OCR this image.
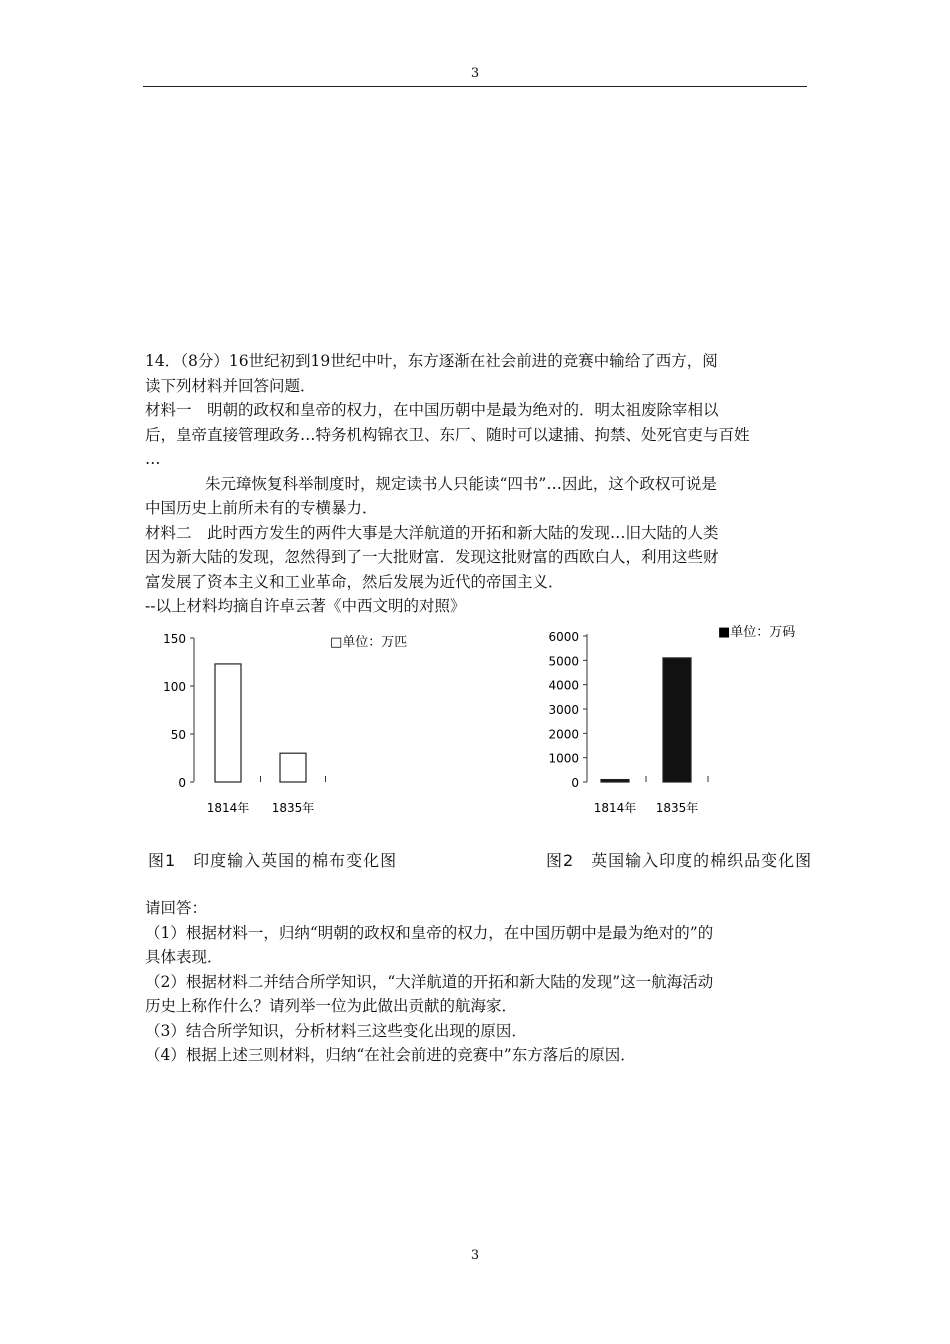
3

14．（8分）16世纪初到19世纪中叶，东方逐渐在社会前进的竞赛中输给了西方，阅

读下列材料并回答问题．

材料一　明朝的政权和皇帝的权力，在中国历朝中是最为绝对的．明太祖废除宰相以

后，皇帝直接管理政务…特务机构锦衣卫、东厂、随时可以逮捕、拘禁、处死官吏与百姓

…

朱元璋恢复科举制度时，规定读书人只能读“四书”…因此，这个政权可说是

中国历史上前所未有的专横暴力．

材料二　此时西方发生的两件大事是大洋航道的开拓和新大陆的发现…旧大陆的人类

因为新大陆的发现，忽然得到了一大批财富．发现这批财富的西欧白人，利用这些财

富发展了资本主义和工业革命，然后发展为近代的帝国主义．

--以上材料均摘自许卓云著《中西文明的对照》

0
50
100
150
1814年 1835年
□单位：万匹
0
1000
2000
3000
4000
5000
6000
1814年 1835年
■单位：万码
图1　印度输入英国的棉布变化图	图2　英国输入印度的棉织品变化图

请回答：

（1）根据材料一，归纳“明朝的政权和皇帝的权力，在中国历朝中是最为绝对的”的

具体表现．

（2）根据材料二并结合所学知识，“大洋航道的开拓和新大陆的发现”这一航海活动

历史上称作什么？请列举一位为此做出贡献的航海家．

（3）结合所学知识，分析材料三这些变化出现的原因．

（4）根据上述三则材料，归纳“在社会前进的竞赛中”东方落后的原因．

3
